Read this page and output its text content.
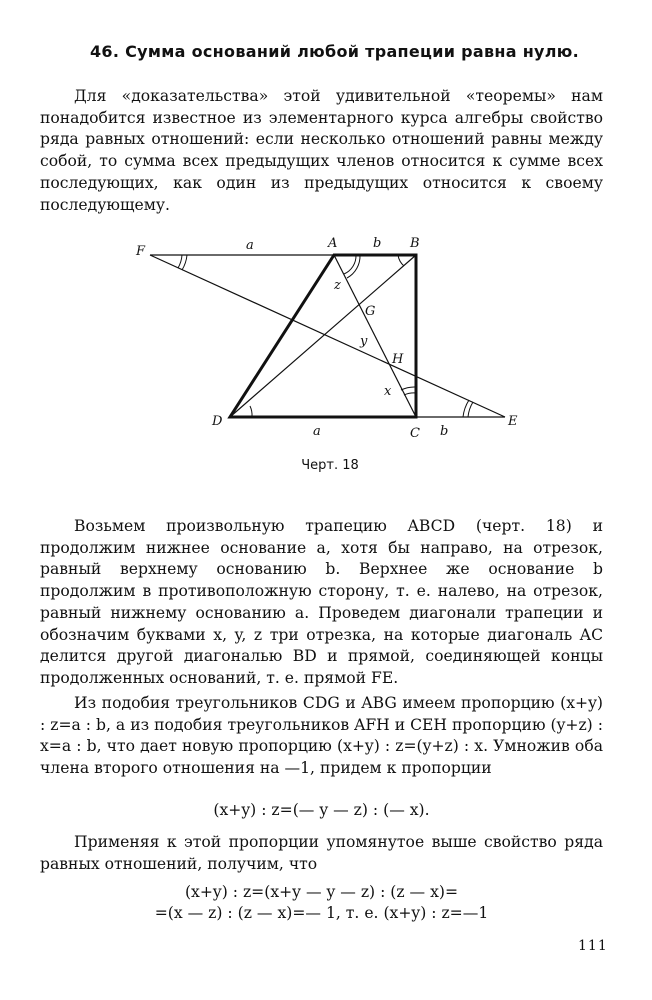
46. Сумма оснований любой трапеции равна нулю.
Для «доказательства» этой удивительной «теоремы» нам понадобится известное из элементарного курса алгебры свойство ряда равных отношений: если несколько отношений равны между собой, то сумма всех предыдущих членов относится к сумме всех последующих, как один из предыдущих относится к своему последующему.
F	a	A	b B
z
G
y
H
x
D
a	C b
E
Черт. 18
Возьмем произвольную трапецию ABCD (черт. 18) и продолжим нижнее основание a, хотя бы направо, на отрезок, равный верхнему основанию b. Верхнее же основание b продолжим в противоположную сторону, т. е. налево, на отрезок, равный нижнему основанию a. Проведем диагонали трапеции и обозначим буквами x, y, z три отрезка, на которые диагональ AC делится другой диагональю BD и прямой, соединяющей концы продолженных оснований, т. е. прямой FE.
Из подобия треугольников CDG и ABG имеем пропорцию (x+y) : z=a : b, а из подобия треугольников AFH и CEH пропорцию (y+z) : x=a : b, что дает новую пропорцию (x+y) : z=(y+z) : x. Умножив оба члена второго отношения на —1, придем к пропорции
(x+y) : z=(— y — z) : (— x).
Применяя к этой пропорции упомянутое выше свойство ряда равных отношений, получим, что
(x+y) : z=(x+y — y — z) : (z — x)=
=(x — z) : (z — x)=— 1, т. е. (x+y) : z=—1
111
